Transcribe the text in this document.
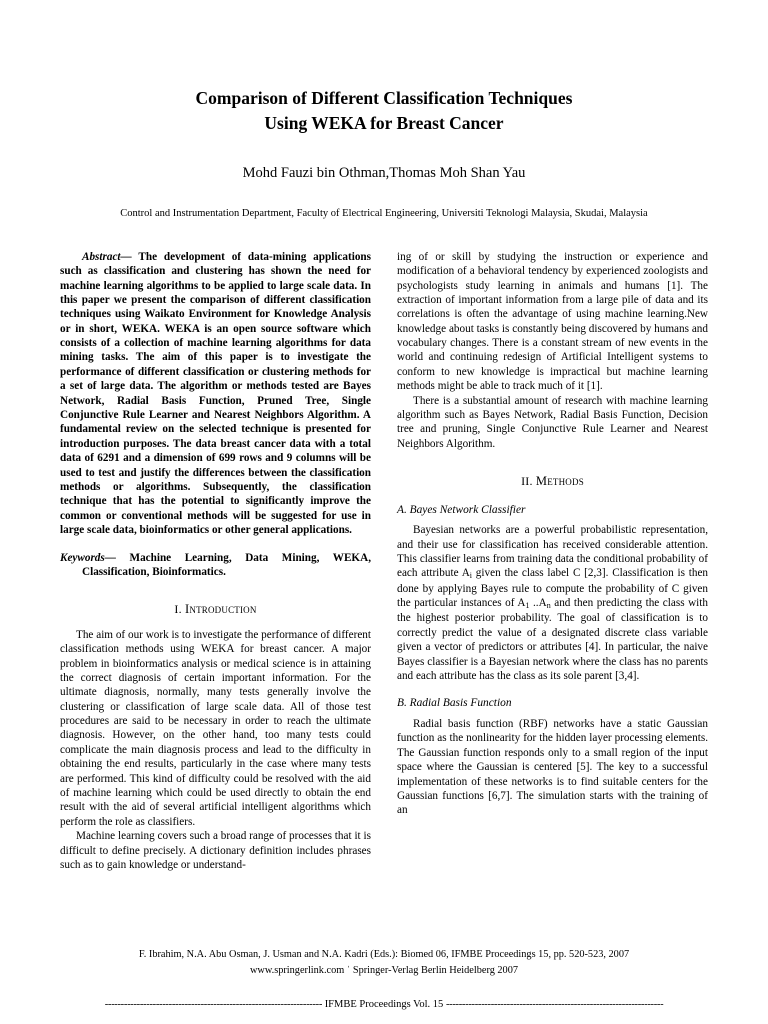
Comparison of Different Classification Techniques
Using WEKA for Breast Cancer
Mohd Fauzi bin Othman,Thomas Moh Shan Yau
Control and Instrumentation Department, Faculty of Electrical Engineering, Universiti Teknologi Malaysia, Skudai, Malaysia

Abstract— The development of data-mining applications such as classification and clustering has shown the need for machine learning algorithms to be applied to large scale data. In this paper we present the comparison of different classification techniques using Waikato Environment for Knowledge Analysis or in short, WEKA. WEKA is an open source software which consists of a collection of machine learning algorithms for data mining tasks. The aim of this paper is to investigate the performance of different classification or clustering methods for a set of large data. The algorithm or methods tested are Bayes Network, Radial Basis Function, Pruned Tree, Single Conjunctive Rule Learner and Nearest Neighbors Algorithm. A fundamental review on the selected technique is presented for introduction purposes. The data breast cancer data with a total data of 6291 and a dimension of 699 rows and 9 columns will be used to test and justify the differences between the classification methods or algorithms. Subsequently, the classification technique that has the potential to significantly improve the common or conventional methods will be suggested for use in large scale data, bioinformatics or other general applications.

Keywords— Machine Learning, Data Mining, WEKA, Classification, Bioinformatics.

I. Introduction

The aim of our work is to investigate the performance of different classification methods using WEKA for breast cancer. A major problem in bioinformatics analysis or medical science is in attaining the correct diagnosis of certain important information. For the ultimate diagnosis, normally, many tests generally involve the clustering or classification of large scale data. All of those test procedures are said to be necessary in order to reach the ultimate diagnosis. However, on the other hand, too many tests could complicate the main diagnosis process and lead to the difficulty in obtaining the end results, particularly in the case where many tests are performed. This kind of difficulty could be resolved with the aid of machine learning which could be used directly to obtain the end result with the aid of several artificial intelligent algorithms which perform the role as classifiers.

Machine learning covers such a broad range of processes that it is difficult to define precisely. A dictionary definition includes phrases such as to gain knowledge or understand-

ing of or skill by studying the instruction or experience and modification of a behavioral tendency by experienced zoologists and psychologists study learning in animals and humans [1]. The extraction of important information from a large pile of data and its correlations is often the advantage of using machine learning.New knowledge about tasks is constantly being discovered by humans and vocabulary changes. There is a constant stream of new events in the world and continuing redesign of Artificial Intelligent systems to conform to new knowledge is impractical but machine learning methods might be able to track much of it [1].

There is a substantial amount of research with machine learning algorithm such as Bayes Network, Radial Basis Function, Decision tree and pruning, Single Conjunctive Rule Learner and Nearest Neighbors Algorithm.

II. Methods

A. Bayes Network Classifier

Bayesian networks are a powerful probabilistic representation, and their use for classification has received considerable attention. This classifier learns from training data the conditional probability of each attribute $A_i$ given the class label C [2,3]. Classification is then done by applying Bayes rule to compute the probability of C given the particular instances of $A_1$ $..A_n$ and then predicting the class with the highest posterior probability. The goal of classification is to correctly predict the value of a designated discrete class variable given a vector of predictors or attributes [4]. In particular, the naive Bayes classifier is a Bayesian network where the class has no parents and each attribute has the class as its sole parent [3,4].

B. Radial Basis Function

Radial basis function (RBF) networks have a static Gaussian function as the nonlinearity for the hidden layer processing elements. The Gaussian function responds only to a small region of the input space where the Gaussian is centered [5]. The key to a successful implementation of these networks is to find suitable centers for the Gaussian functions [6,7]. The simulation starts with the training of an

F. Ibrahim, N.A. Abu Osman, J. Usman and N.A. Kadri (Eds.): Biomed 06, IFMBE Proceedings 15, pp. 520-523, 2007
www.springerlink.com ˈ Springer-Verlag Berlin Heidelberg 2007
-------------------------------------------------------------------- IFMBE Proceedings Vol. 15 --------------------------------------------------------------------
